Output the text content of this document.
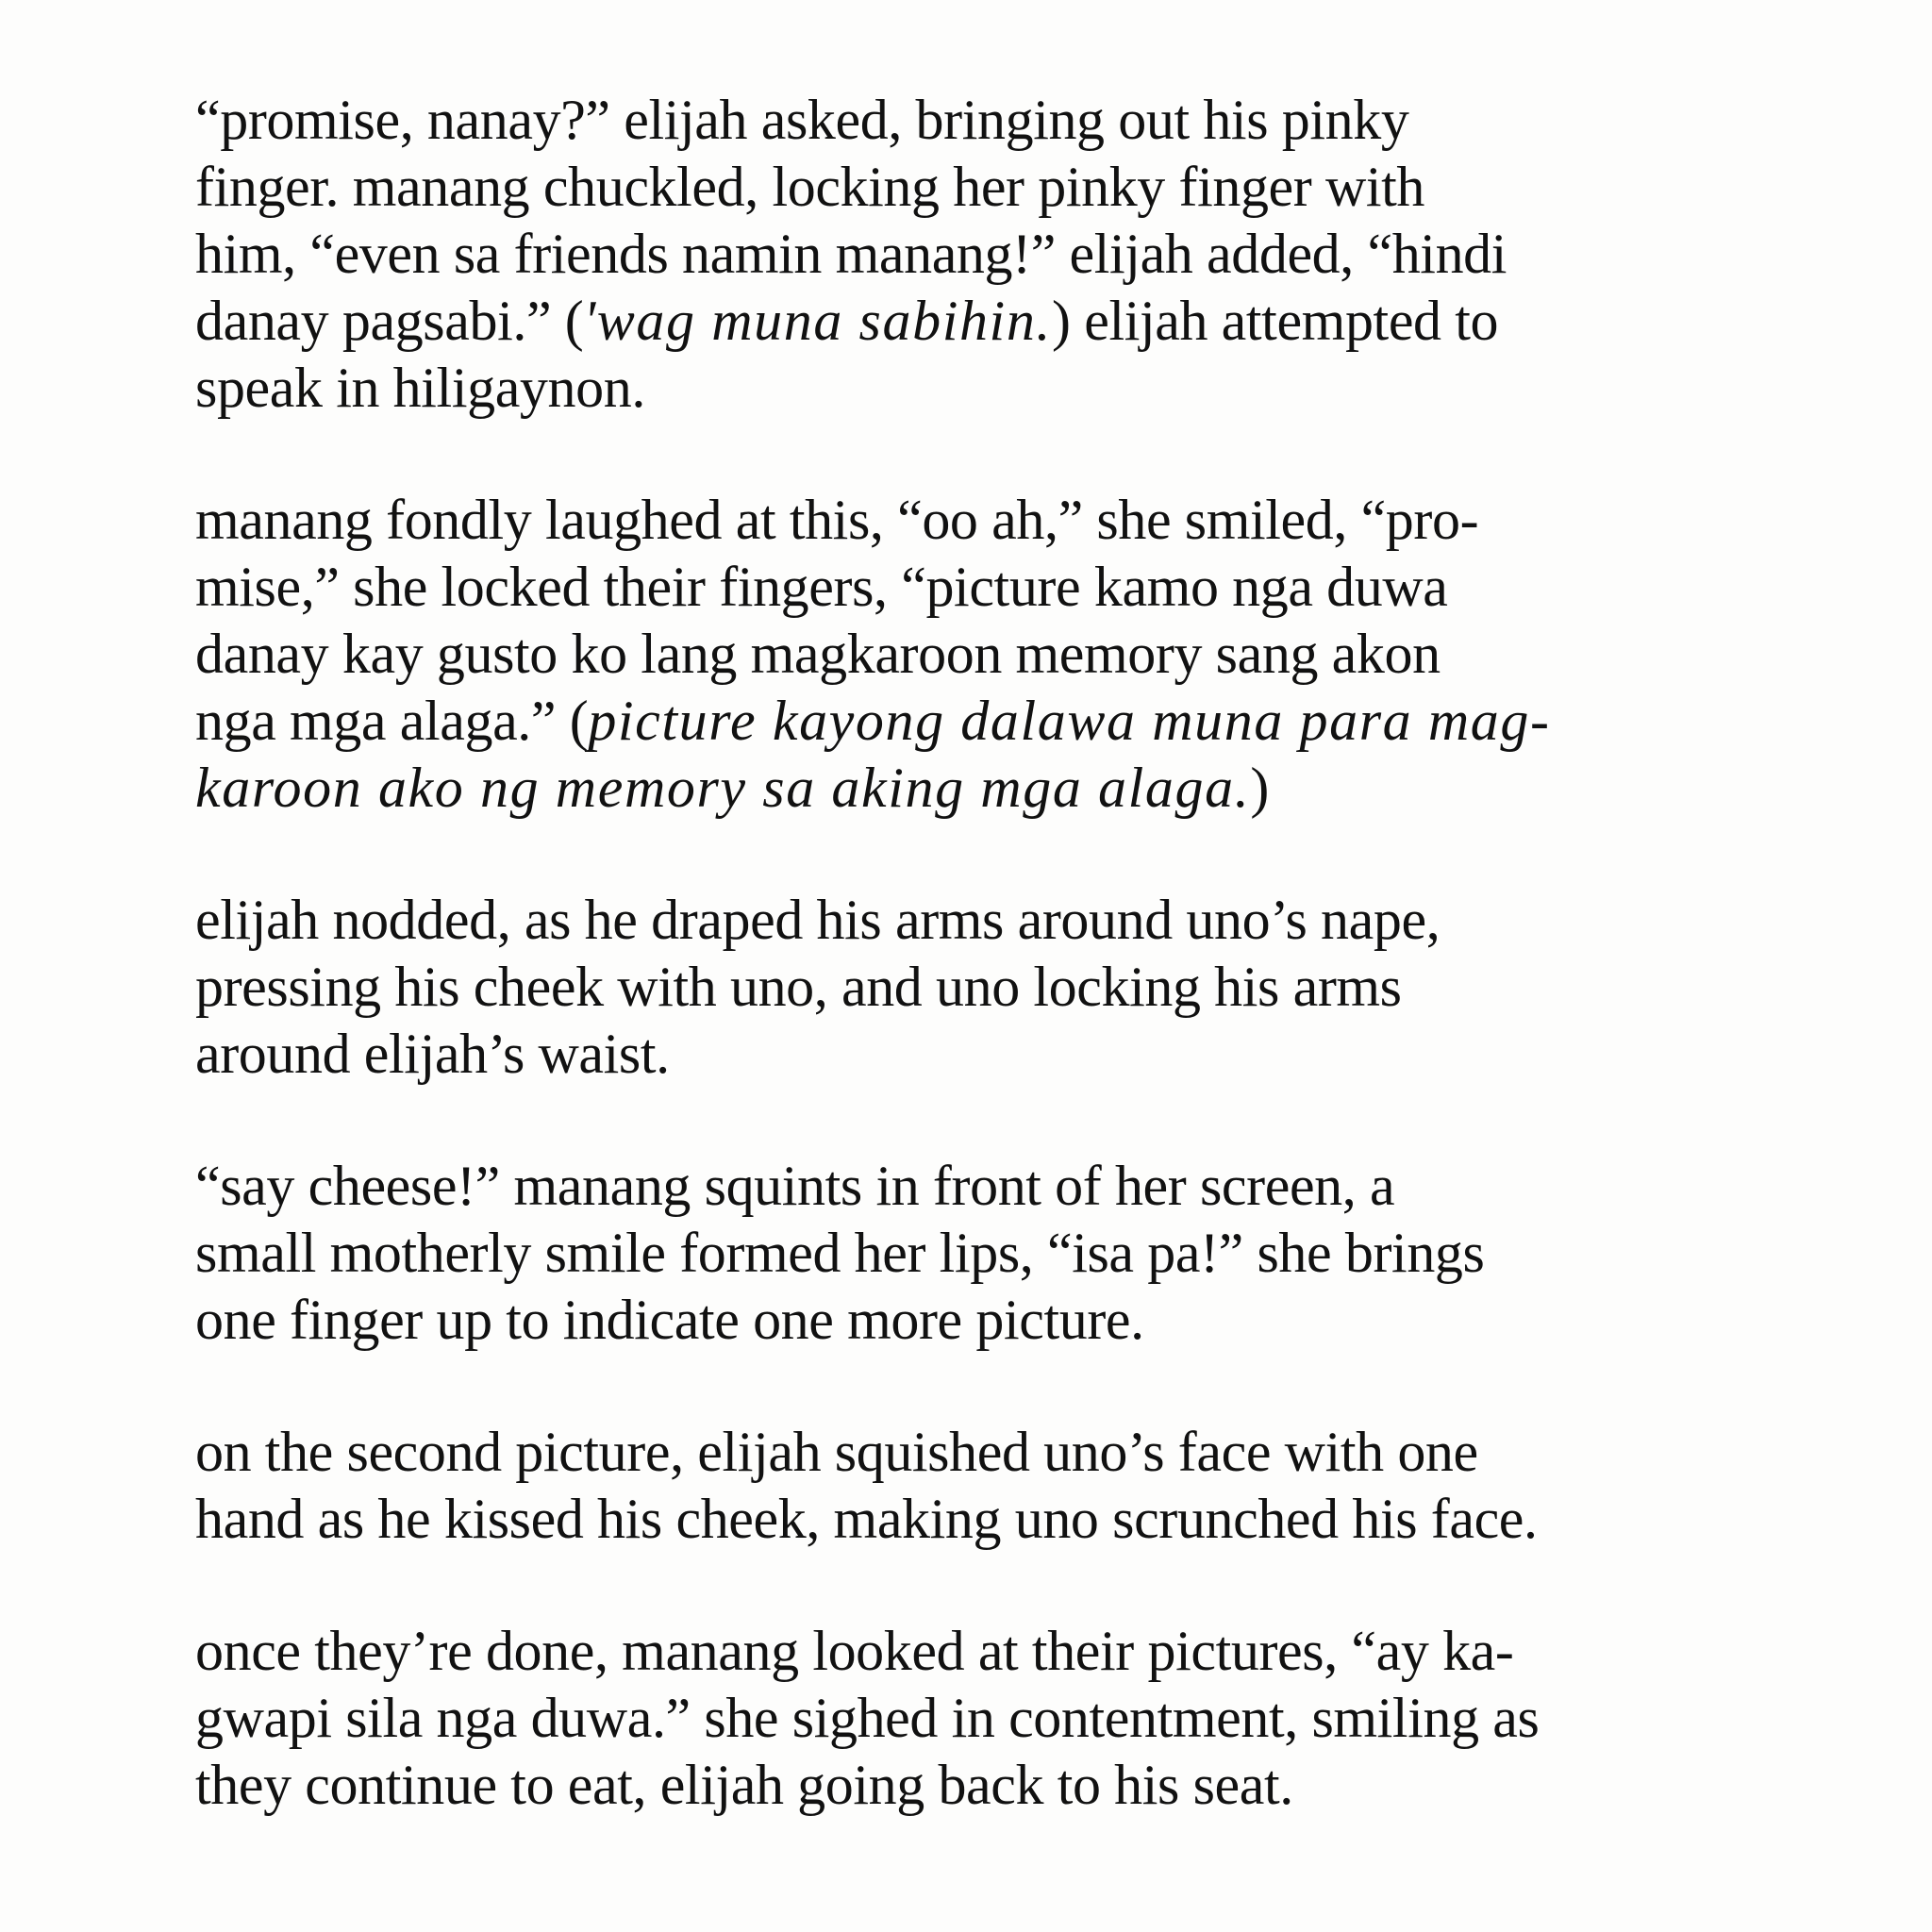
“promise, nanay?” elijah asked, bringing out his pinky
finger. manang chuckled, locking her pinky finger with
him, “even sa friends namin manang!” elijah added, “hindi
danay pagsabi.” ('wag muna sabihin.) elijah attempted to
speak in hiligaynon.
manang fondly laughed at this, “oo ah,” she smiled, “pro-
mise,” she locked their fingers, “picture kamo nga duwa
danay kay gusto ko lang magkaroon memory sang akon
nga mga alaga.” (picture kayong dalawa muna para mag-
karoon ako ng memory sa aking mga alaga.)
elijah nodded, as he draped his arms around uno’s nape,
pressing his cheek with uno, and uno locking his arms
around elijah’s waist.
“say cheese!” manang squints in front of her screen, a
small motherly smile formed her lips, “isa pa!” she brings
one finger up to indicate one more picture.
on the second picture, elijah squished uno’s face with one
hand as he kissed his cheek, making uno scrunched his face.
once they’re done, manang looked at their pictures, “ay ka-
gwapi sila nga duwa.” she sighed in contentment, smiling as
they continue to eat, elijah going back to his seat.
